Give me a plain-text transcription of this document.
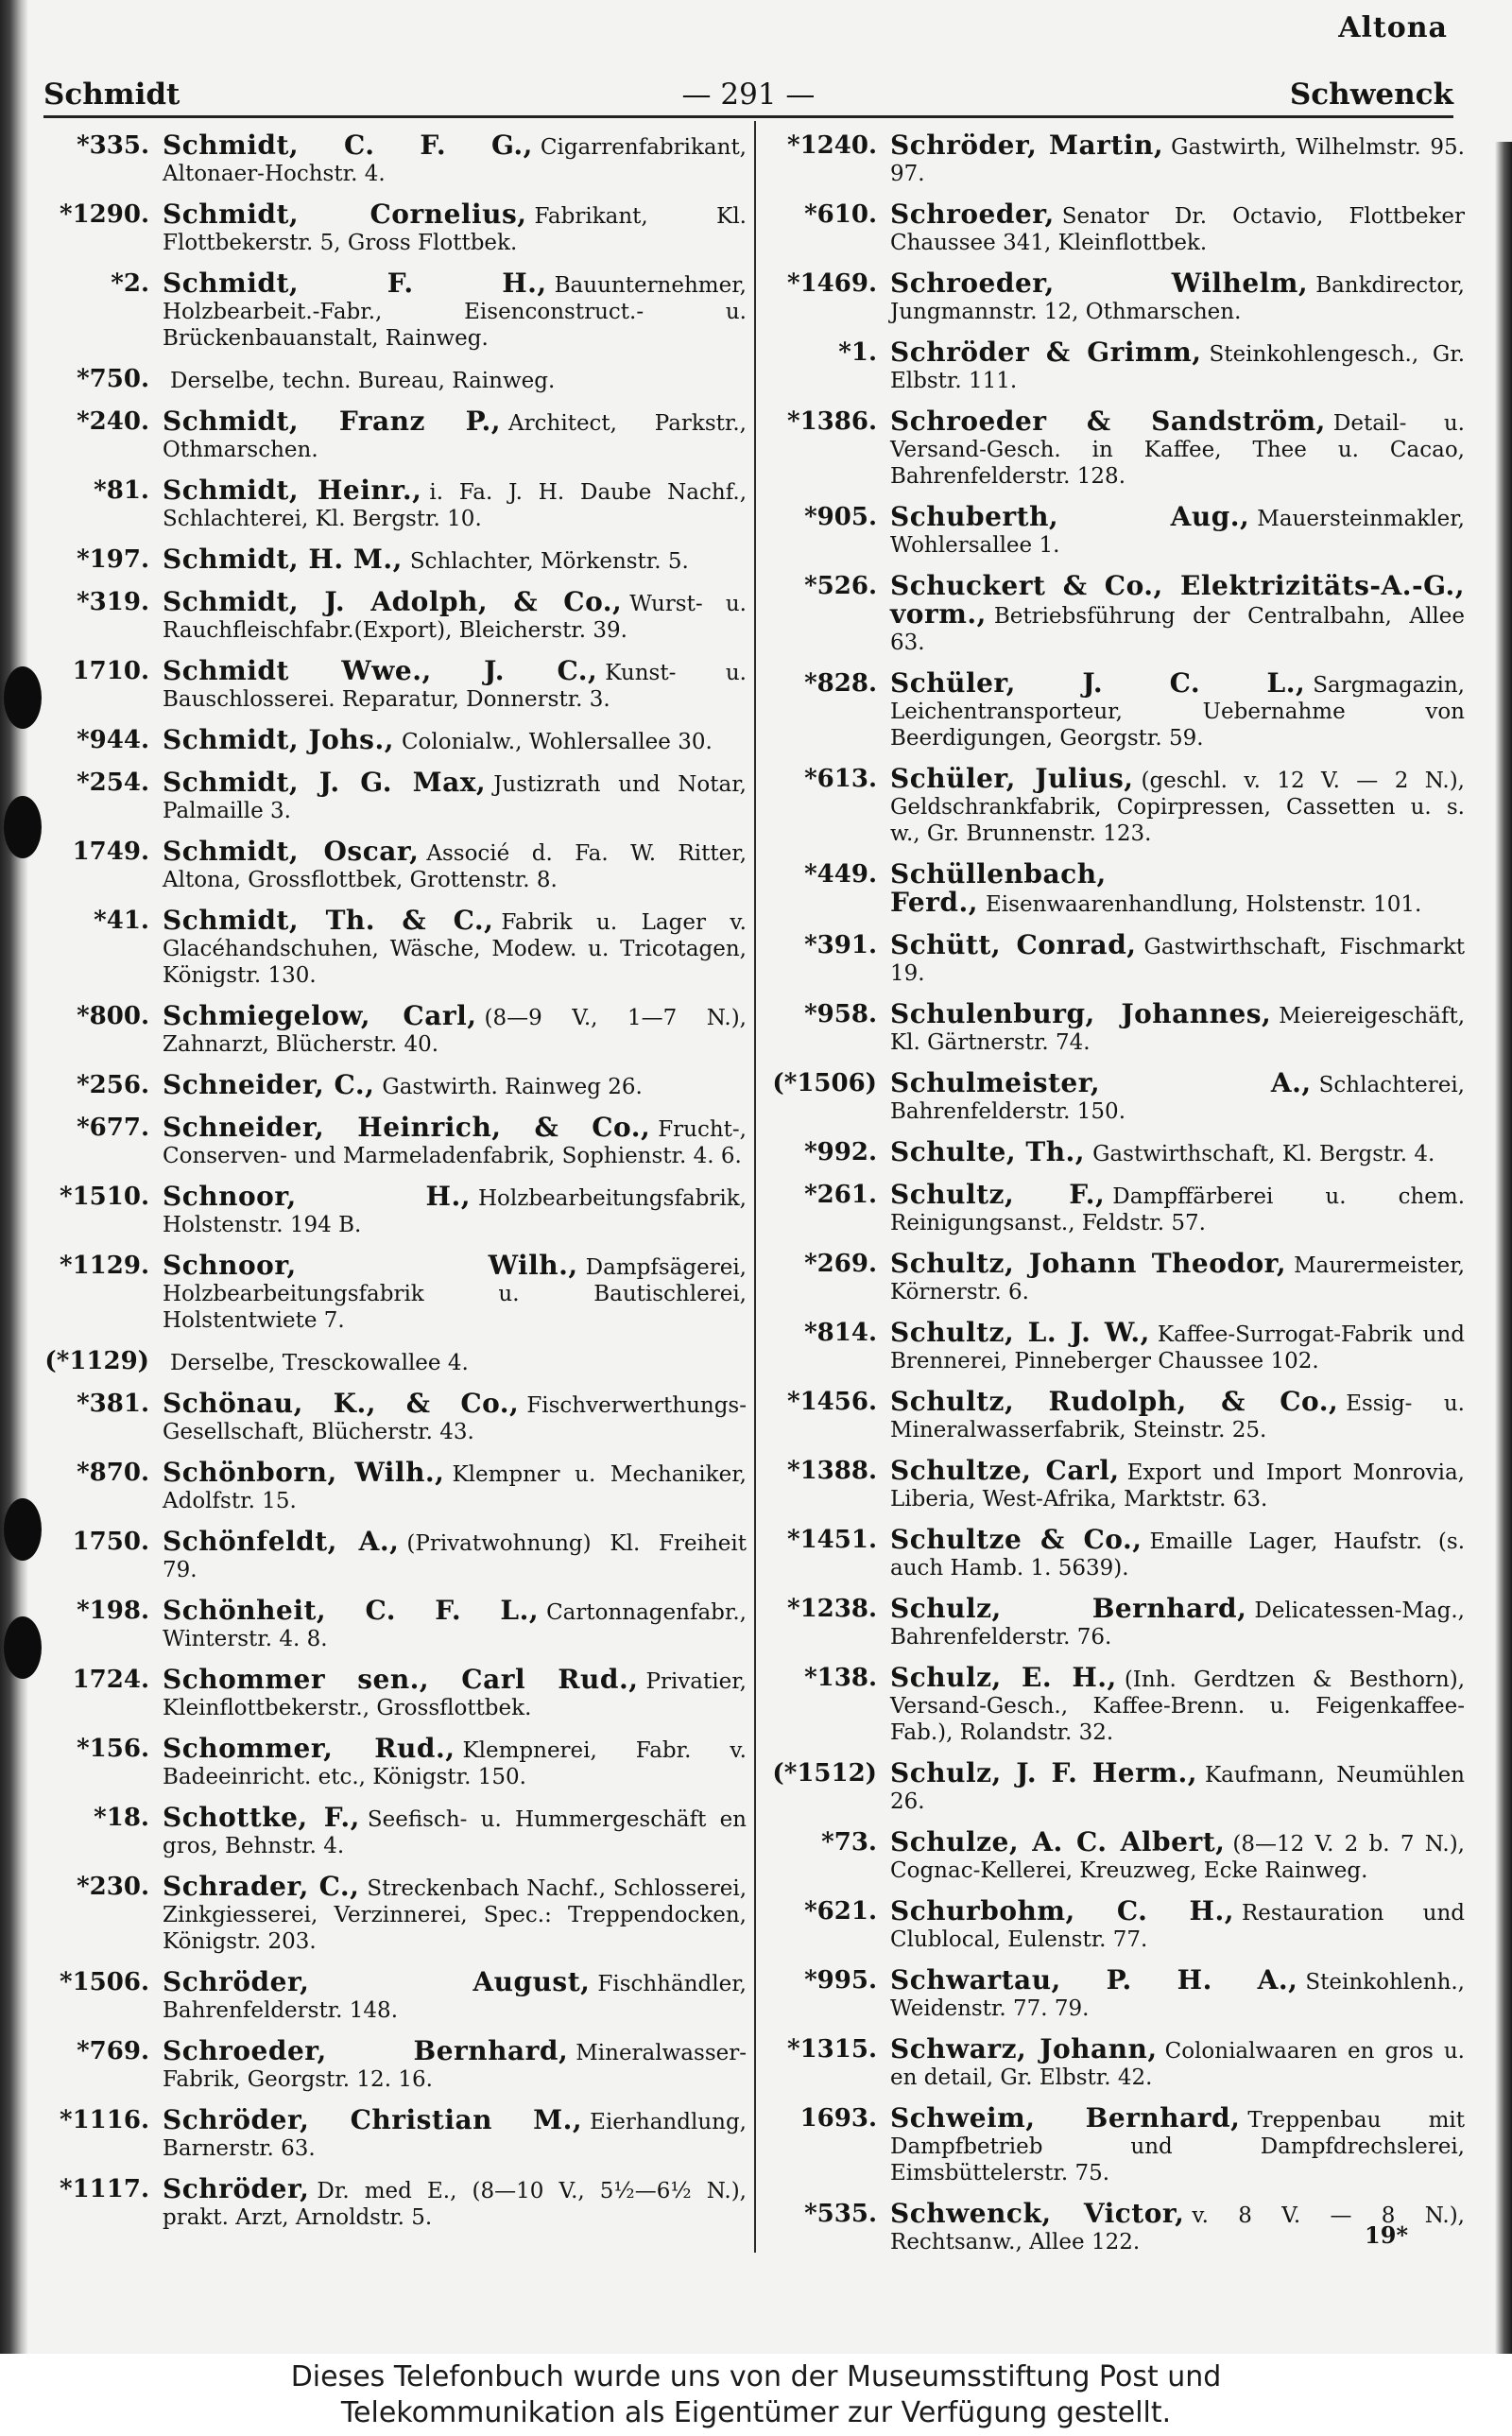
Altona
Schmidt	— 291 —	Schwenck
*335. Schmidt, C. F. G., Cigarrenfabrikant, Altonaer-Hochstr. 4.
*1290. Schmidt, Cornelius, Fabrikant, Kl. Flottbekerstr. 5, Gross Flottbek.
*2. Schmidt, F. H., Bauunternehmer, Holzbearbeit.-Fabr., Eisenconstruct.- u. Brückenbauanstalt, Rainweg.
*750. Derselbe, techn. Bureau, Rainweg.
*240. Schmidt, Franz P., Architect, Parkstr., Othmarschen.
*81. Schmidt, Heinr., i. Fa. J. H. Daube Nachf., Schlachterei, Kl. Bergstr. 10.
*197. Schmidt, H. M., Schlachter, Mörkenstr. 5.
*319. Schmidt, J. Adolph, & Co., Wurst- u. Rauchfleischfabr.(Export), Bleicherstr. 39.
1710. Schmidt Wwe., J. C., Kunst- u. Bauschlosserei. Reparatur, Donnerstr. 3.
*944. Schmidt, Johs., Colonialw., Wohlersallee 30.
*254. Schmidt, J. G. Max, Justizrath und Notar, Palmaille 3.
1749. Schmidt, Oscar, Associé d. Fa. W. Ritter, Altona, Grossflottbek, Grottenstr. 8.
*41. Schmidt, Th. & C., Fabrik u. Lager v. Glacéhandschuhen, Wäsche, Modew. u. Tricotagen, Königstr. 130.
*800. Schmiegelow, Carl, (8—9 V., 1—7 N.), Zahnarzt, Blücherstr. 40.
*256. Schneider, C., Gastwirth. Rainweg 26.
*677. Schneider, Heinrich, & Co., Frucht-, Conserven- und Marmeladenfabrik, Sophienstr. 4. 6.
*1510. Schnoor, H., Holzbearbeitungsfabrik, Holstenstr. 194 B.
*1129. Schnoor, Wilh., Dampfsägerei, Holzbearbeitungsfabrik u. Bautischlerei, Holstentwiete 7.
(*1129) Derselbe, Tresckowallee 4.
*381. Schönau, K., & Co., Fischverwerthungs-Gesellschaft, Blücherstr. 43.
*870. Schönborn, Wilh., Klempner u. Mechaniker, Adolfstr. 15.
1750. Schönfeldt, A., (Privatwohnung) Kl. Freiheit 79.
*198. Schönheit, C. F. L., Cartonnagenfabr., Winterstr. 4. 8.
1724. Schommer sen., Carl Rud., Privatier, Kleinflottbekerstr., Grossflottbek.
*156. Schommer, Rud., Klempnerei, Fabr. v. Badeeinricht. etc., Königstr. 150.
*18. Schottke, F., Seefisch- u. Hummergeschäft en gros, Behnstr. 4.
*230. Schrader, C., Streckenbach Nachf., Schlosserei, Zinkgiesserei, Verzinnerei, Spec.: Treppendocken, Königstr. 203.
*1506. Schröder, August, Fischhändler, Bahrenfelderstr. 148.
*769. Schroeder, Bernhard, Mineralwasser-Fabrik, Georgstr. 12. 16.
*1116. Schröder, Christian M., Eierhandlung, Barnerstr. 63.
*1117. Schröder, Dr. med E., (8—10 V., 5½—6½ N.), prakt. Arzt, Arnoldstr. 5.
*1240. Schröder, Martin, Gastwirth, Wilhelmstr. 95. 97.
*610. Schroeder, Senator Dr. Octavio, Flottbeker Chaussee 341, Kleinflottbek.
*1469. Schroeder, Wilhelm, Bankdirector, Jungmannstr. 12, Othmarschen.
*1. Schröder & Grimm, Steinkohlengesch., Gr. Elbstr. 111.
*1386. Schroeder & Sandström, Detail- u. Versand-Gesch. in Kaffee, Thee u. Cacao, Bahrenfelderstr. 128.
*905. Schuberth, Aug., Mauersteinmakler, Wohlersallee 1.
*526. Schuckert & Co., Elektrizitäts-A.-G., vorm., Betriebsführung der Centralbahn, Allee 63.
*828. Schüler, J. C. L., Sargmagazin, Leichentransporteur, Uebernahme von Beerdigungen, Georgstr. 59.
*613. Schüler, Julius, (geschl. v. 12 V. — 2 N.), Geldschrankfabrik, Copirpressen, Cassetten u. s. w., Gr. Brunnenstr. 123.
*449. Schüllenbach, Ferd., Eisenwaarenhandlung, Holstenstr. 101.
*391. Schütt, Conrad, Gastwirthschaft, Fischmarkt 19.
*958. Schulenburg, Johannes, Meiereigeschäft, Kl. Gärtnerstr. 74.
(*1506) Schulmeister, A., Schlachterei, Bahrenfelderstr. 150.
*992. Schulte, Th., Gastwirthschaft, Kl. Bergstr. 4.
*261. Schultz, F., Dampffärberei u. chem. Reinigungsanst., Feldstr. 57.
*269. Schultz, Johann Theodor, Maurermeister, Körnerstr. 6.
*814. Schultz, L. J. W., Kaffee-Surrogat-Fabrik und Brennerei, Pinneberger Chaussee 102.
*1456. Schultz, Rudolph, & Co., Essig- u. Mineralwasserfabrik, Steinstr. 25.
*1388. Schultze, Carl, Export und Import Monrovia, Liberia, West-Afrika, Marktstr. 63.
*1451. Schultze & Co., Emaille Lager, Haufstr. (s. auch Hamb. 1. 5639).
*1238. Schulz, Bernhard, Delicatessen-Mag., Bahrenfelderstr. 76.
*138. Schulz, E. H., (Inh. Gerdtzen & Besthorn), Versand-Gesch., Kaffee-Brenn. u. Feigenkaffee-Fab.), Rolandstr. 32.
(*1512) Schulz, J. F. Herm., Kaufmann, Neumühlen 26.
*73. Schulze, A. C. Albert, (8—12 V. 2 b. 7 N.), Cognac-Kellerei, Kreuzweg, Ecke Rainweg.
*621. Schurbohm, C. H., Restauration und Clublocal, Eulenstr. 77.
*995. Schwartau, P. H. A., Steinkohlenh., Weidenstr. 77. 79.
*1315. Schwarz, Johann, Colonialwaaren en gros u. en detail, Gr. Elbstr. 42.
1693. Schweim, Bernhard, Treppenbau mit Dampfbetrieb und Dampfdrechslerei, Eimsbüttelerstr. 75.
*535. Schwenck, Victor, v. 8 V. — 8 N.), Rechtsanw., Allee 122.	19*
Dieses Telefonbuch wurde uns von der Museumsstiftung Post und
Telekommunikation als Eigentümer zur Verfügung gestellt.
